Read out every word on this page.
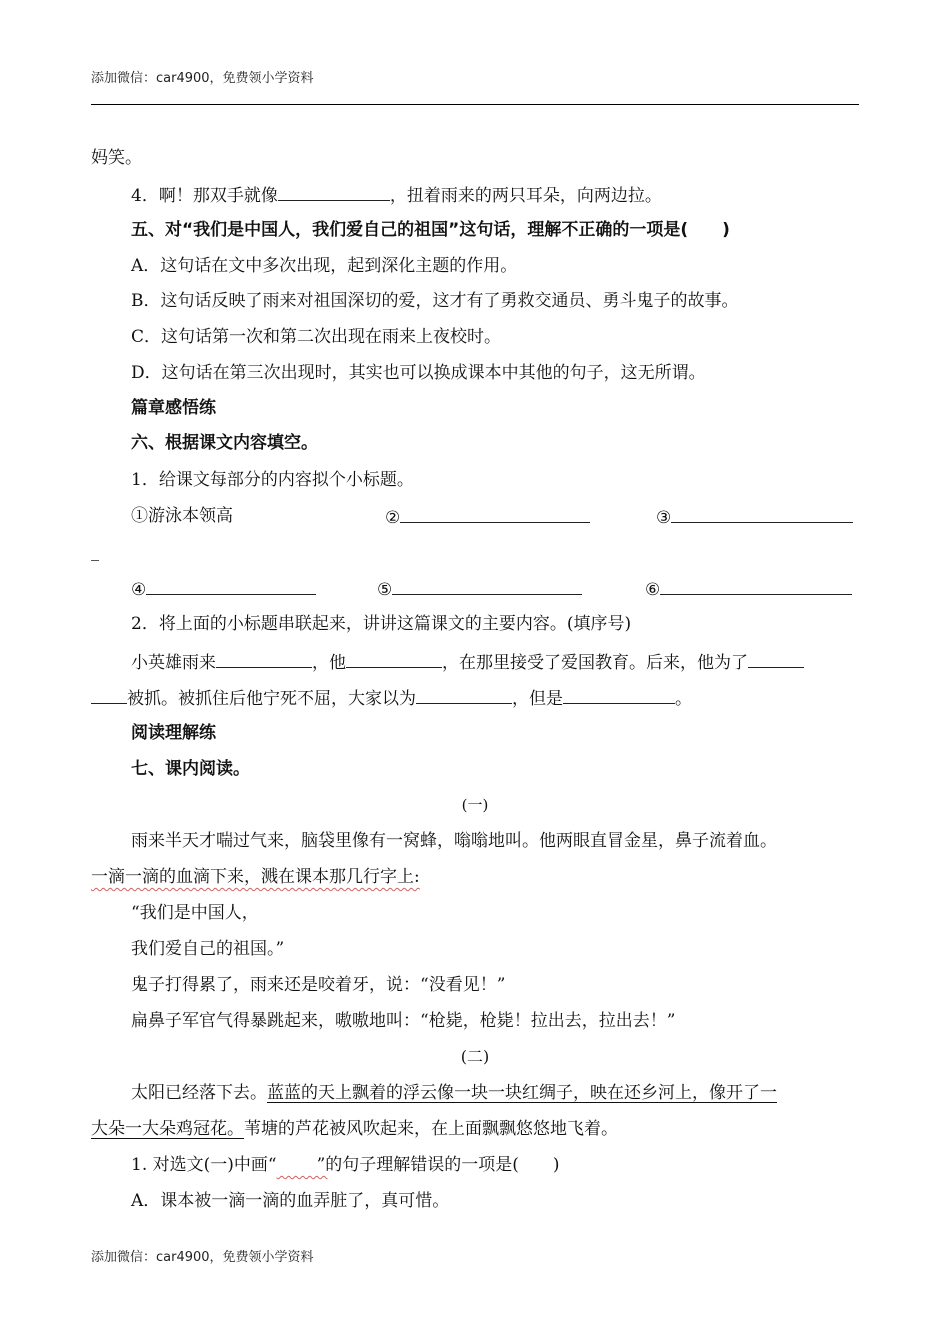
添加微信：car4900，免费领小学资料
妈笑。
4．啊！那双手就像	，扭着雨来的两只耳朵，向两边拉。
五、对“我们是中国人，我们爱自己的祖国”这句话，理解不正确的一项是(　　)
A．这句话在文中多次出现，起到深化主题的作用。
B．这句话反映了雨来对祖国深切的爱，这才有了勇救交通员、勇斗鬼子的故事。
C．这句话第一次和第二次出现在雨来上夜校时。
D．这句话在第三次出现时，其实也可以换成课本中其他的句子，这无所谓。
篇章感悟练
六、根据课文内容填空。
1．给课文每部分的内容拟个小标题。
①游泳本领高	②	③
④	⑤	⑥
2．将上面的小标题串联起来，讲讲这篇课文的主要内容。(填序号)
小英雄雨来	，他	，在那里接受了爱国教育。后来，他为了
被抓。被抓住后他宁死不屈，大家以为	，但是	。
阅读理解练
七、课内阅读。
(一)
雨来半天才喘过气来，脑袋里像有一窝蜂，嗡嗡地叫。他两眼直冒金星，鼻子流着血。
一滴一滴的血滴下来，溅在课本那几行字上:
“我们是中国人，
我们爱自己的祖国。”
鬼子打得累了，雨来还是咬着牙，说：“没看见！”
扁鼻子军官气得暴跳起来，嗷嗷地叫：“枪毙，枪毙！拉出去，拉出去！”
(二)
太阳已经落下去。蓝蓝的天上飘着的浮云像一块一块红绸子，映在还乡河上，像开了一
大朵一大朵鸡冠花。苇塘的芦花被风吹起来，在上面飘飘悠悠地飞着。
1. 对选文(一)中画“ ”的句子理解错误的一项是(　　)
A．课本被一滴一滴的血弄脏了，真可惜。
添加微信：car4900，免费领小学资料
